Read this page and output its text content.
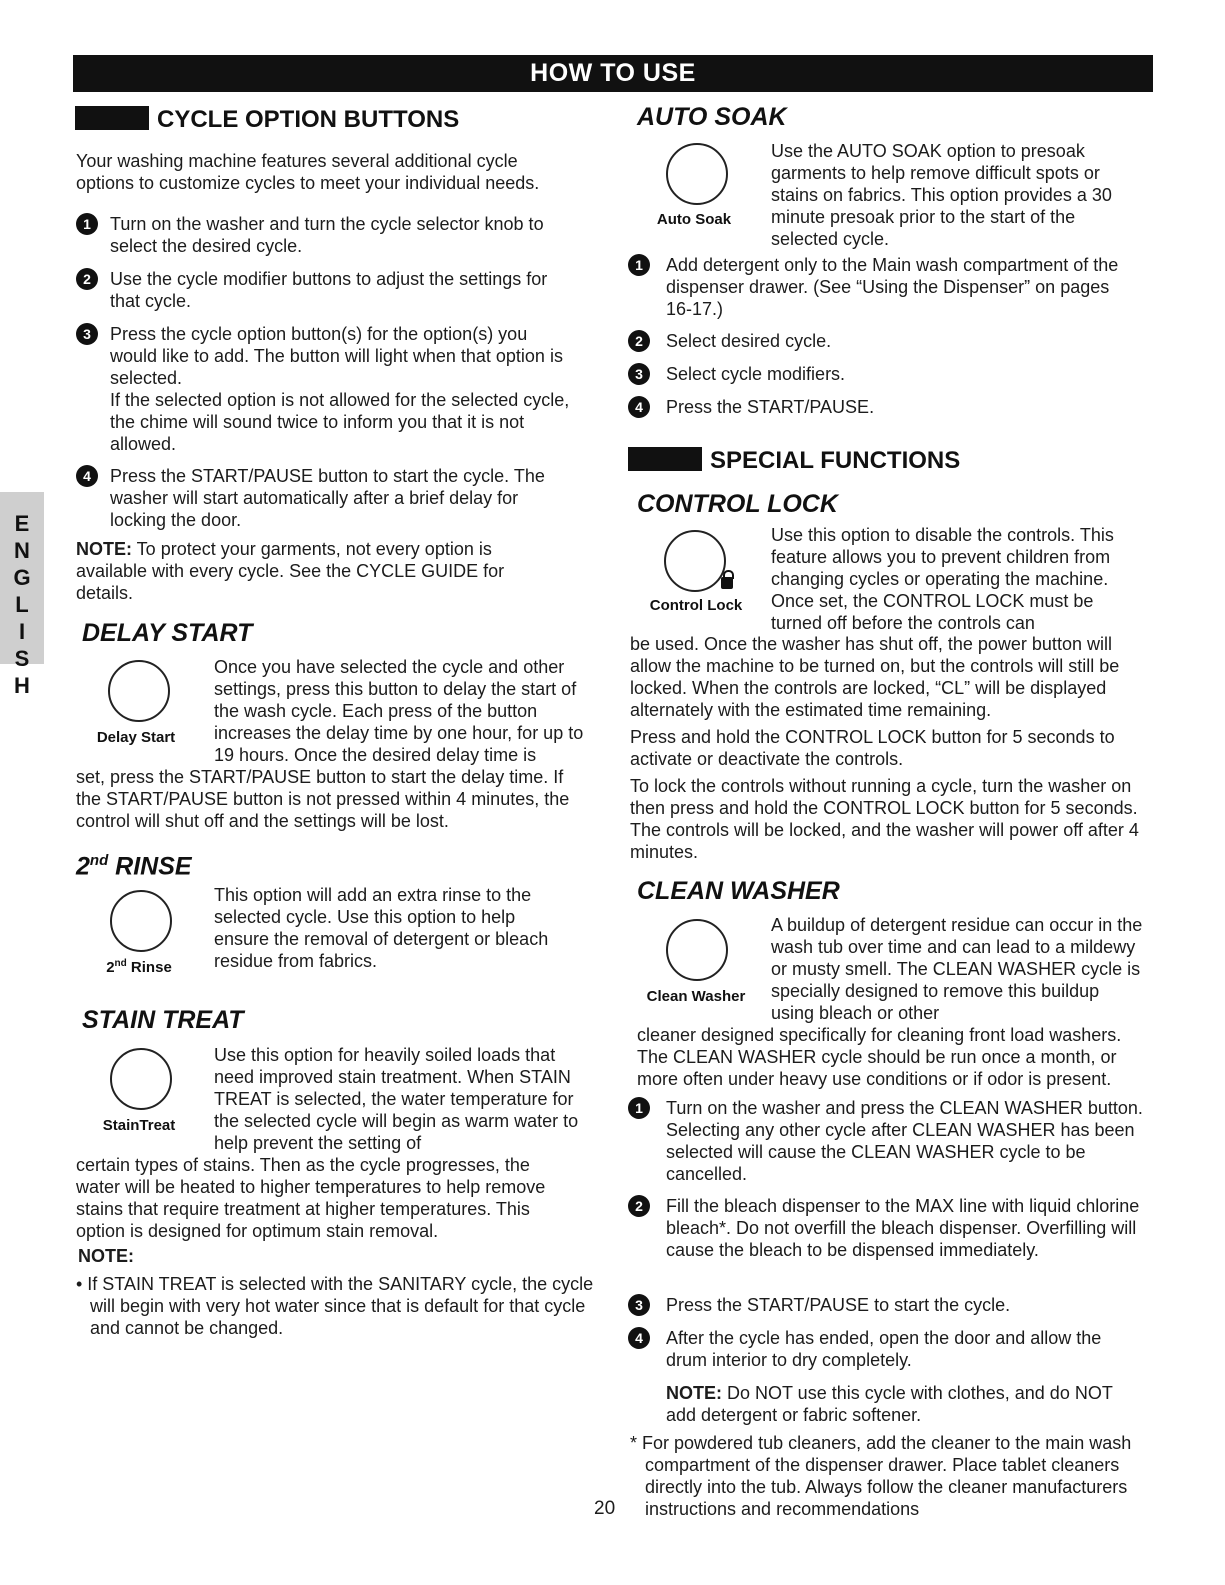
HOW TO USE
E
N
G
L
I
S
H
CYCLE OPTION BUTTONS
Your washing machine features several additional cycle options to customize cycles to meet your individual needs.
1	Turn on the washer and turn the cycle selector knob to select the desired cycle.
2	Use the cycle modifier buttons to adjust the settings for that cycle.
3	Press the cycle option button(s) for the option(s) you would like to add. The button will light when that option is selected.
If the selected option is not allowed for the selected cycle, the chime will sound twice to inform you that it is not allowed.
4	Press the START/PAUSE button to start the cycle. The washer will start automatically after a brief delay for locking the door.
NOTE: To protect your garments, not every option is available with every cycle. See the CYCLE GUIDE for details.
DELAY START
Delay Start
Once you have selected the cycle and other settings, press this button to delay the start of the wash cycle. Each press of the button increases the delay time by one hour, for up to 19 hours. Once the desired delay time is
set, press the START/PAUSE button to start the delay time. If the START/PAUSE button is not pressed within 4 minutes, the control will shut off and the settings will be lost.
2nd RINSE
2nd Rinse
This option will add an extra rinse to the selected cycle. Use this option to help ensure the removal of detergent or bleach residue from fabrics.
STAIN TREAT
StainTreat
Use this option for heavily soiled loads that need improved stain treatment. When STAIN TREAT is selected, the water temperature for the selected cycle will begin as warm water to help prevent the setting of
certain types of stains. Then as the cycle progresses, the water will be heated to higher temperatures to help remove stains that require treatment at higher temperatures. This option is designed for optimum stain removal.
NOTE:
• If STAIN TREAT is selected with the SANITARY cycle, the cycle will begin with very hot water since that is default for that cycle and cannot be changed.
AUTO SOAK
Auto Soak
Use the AUTO SOAK option to presoak garments to help remove difficult spots or stains on fabrics. This option provides a 30 minute presoak prior to the start of the selected cycle.
1	Add detergent only to the Main wash compartment of the dispenser drawer. (See “Using the Dispenser” on pages 16-17.)
2	Select desired cycle.
3	Select cycle modifiers.
4	Press the START/PAUSE.
SPECIAL FUNCTIONS
CONTROL LOCK
Control Lock
Use this option to disable the controls. This feature allows you to prevent children from changing cycles or operating the machine. Once set, the CONTROL LOCK must be turned off before the controls can
be used. Once the washer has shut off, the power button will allow the machine to be turned on, but the controls will still be locked. When the controls are locked, “CL” will be displayed alternately with the estimated time remaining.
Press and hold the CONTROL LOCK button for 5 seconds to activate or deactivate the controls.
To lock the controls without running a cycle, turn the washer on then press and hold the CONTROL LOCK button for 5 seconds. The controls will be locked, and the washer will power off after 4 minutes.
CLEAN WASHER
Clean Washer
A buildup of detergent residue can occur in the wash tub over time and can lead to a mildewy or musty smell. The CLEAN WASHER cycle is specially designed to remove this buildup using bleach or other
cleaner designed specifically for cleaning front load washers. The CLEAN WASHER cycle should be run once a month, or more often under heavy use conditions or if odor is present.
1	Turn on the washer and press the CLEAN WASHER button. Selecting any other cycle after CLEAN WASHER has been selected will cause the CLEAN WASHER cycle to be cancelled.
2	Fill the bleach dispenser to the MAX line with liquid chlorine bleach*. Do not overfill the bleach dispenser. Overfilling will cause the bleach to be dispensed immediately.
3	Press the START/PAUSE to start the cycle.
4	After the cycle has ended, open the door and allow the drum interior to dry completely.
NOTE: Do NOT use this cycle with clothes, and do NOT add detergent or fabric softener.
* For powdered tub cleaners, add the cleaner to the main wash compartment of the dispenser drawer. Place tablet cleaners directly into the tub. Always follow the cleaner manufacturers instructions and recommendations
20
